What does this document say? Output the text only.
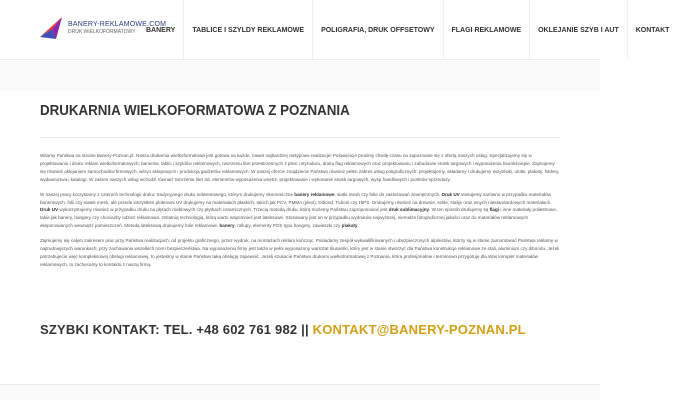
BANERY-REKLAMOWE.COM
DRUK WIELKOFORMATOWY	BANERY	TABLICE I SZYLDY REKLAMOWE	POLIGRAFIA, DRUK OFFSETOWY	FLAGI REKLAMOWE	OKLEJANIE SZYB I AUT	KONTAKT
DRUKARNIA WIELKOFORMATOWA Z POZNANIA

Witamy Państwa na stronie Banery-Poznan.pl. Nasza drukarnia wielkoformatowa jest gotowa na każde, nawet najbardziej nietypowe realizacje! Poświęcicie prosimy chwilę czasu na zapoznanie się z ofertą naszych usług. Specjalizujemy się w projektowaniu i druku reklam wielkoformatowych: banerów, tablic i szyldów reklamowych, tworzeniu liter przestrzennych z plexi i styroduru, druku flag reklamowych oraz projektowaniu i zabudowie stoisk targowych i wyposażenia biurokściepie. Zajmujemy się również oklejaniem samochodów firmowych, witryn sklepowych i produkcją gadżetów reklamowych. W naszej ofercie znajdziecie Państwo również pełen zakres usług poligraficznych: projektujemy, składamy i drukujemy wizytówki, ulotki, plakaty, foldery, wydawnictwa i katalogi. W zakres naszych usług wchodzi również tworzenie liter 3d, elementów wyposażenia wnętrz, projektowanie i wykonanie stoisk targowych, wysp handlowych i punktów sprzedaży.

W naszej pracy korzystamy z czterech technologii druku: tradycyjnego druku solwentowego, którym drukujemy ekonomiczne banery reklamowe, siatki mesh czy folie do zastosowań zewnętrznych. Druk UV stosujemy zarówno w przypadku materiałów banerowych, folii czy siatek mesh, ale przede wszystkim ploterami UV drukujemy na materiałach płaskich, takich jak PCV, PMMA (plexi), Dibond, Tuboni czy HIPS. Drukujemy również na drewnie, szkle, stalije oraz innych niestandardowych materiałach. Druk UV wykorzystujemy również w przypadku druku na płytach meblowych czy płytkach ceramicznych. Trzecią metodą druku, którą możemy Państwu zaproponować jest druk sublimacyjny. W ten sposób drukujemy są flagi i inne materiały poliestrowe, takie jak banery, hangery czy chociażby odzież reklamowa. Ostatnią technologią, którą warto wspomnieć jest lateksowe. Stosowany jest on w przypadku wydruków najwyższej, niemalże fotograficznej jakości oraz do materiałów reklamowych eksponowanych wewnątrz pomieszczeń. Metodą lateksową drukujemy folie reklamowe, banery, rollupy, elementy POS typu hangery, zawieszki czy plakaty.

Zajmujemy się całym zakresem prac przy Państwa realizacjach: od projektu graficznego, przez wydruk, na montażach reklam kończąc. Posiadamy zespół wykwalifikowanych i ubezpieczonych alpinistów, którzy są w stanie zamontować Państwa reklamę w najtrudniejszych warunkach, przy zachowaniu wszelkich norm bezpieczeństwa. Na wyposażeniu firmy jest także w pełni wyposażony warsztat ślusarski, który jest w stanie stworzyć dla Państwa konstrukcje reklamowe ze stali, aluminium czy dibondu. Jeżeli potrzebujecie więc kompleksowej obsługi reklamowej, to jesteśmy w stanie Państwu taką obsługę zapewnić. Jeżeli szukacie Państwo drukarni wielkoformatowej z Poznania, która profesjonalnie i terminowo przygotuje dla Was komplet materiałów reklamowych, to zachęcamy to kontaktu z naszą firmą.

SZYBKI KONTAKT: TEL. +48 602 761 982 || KONTAKT@BANERY-POZNAN.PL
